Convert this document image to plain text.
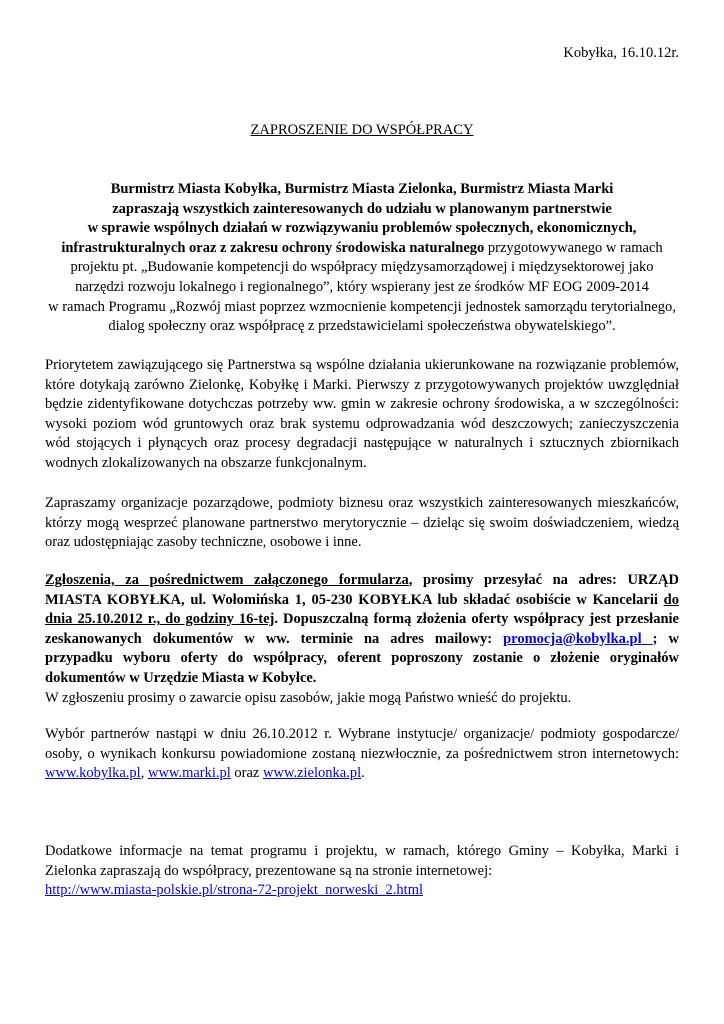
Kobyłka, 16.10.12r.
ZAPROSZENIE DO WSPÓŁPRACY
Burmistrz Miasta Kobyłka, Burmistrz Miasta Zielonka, Burmistrz Miasta Marki
zapraszają wszystkich zainteresowanych do udziału w planowanym partnerstwie
w sprawie wspólnych działań w rozwiązywaniu problemów społecznych, ekonomicznych,
infrastrukturalnych oraz z zakresu ochrony środowiska naturalnego przygotowywanego w ramach
projektu pt. „Budowanie kompetencji do współpracy międzysamorządowej i międzysektorowej jako
narzędzi rozwoju lokalnego i regionalnego”, który wspierany jest ze środków MF EOG 2009-2014
w ramach Programu „Rozwój miast poprzez wzmocnienie kompetencji jednostek samorządu terytorialnego,
dialog społeczny oraz współpracę z przedstawicielami społeczeństwa obywatelskiego”.
Priorytetem zawiązującego się Partnerstwa są wspólne działania ukierunkowane na rozwiązanie problemów,
które dotykają zarówno Zielonkę, Kobyłkę i Marki. Pierwszy z przygotowywanych projektów uwzględniał
będzie zidentyfikowane dotychczas potrzeby ww. gmin w zakresie ochrony środowiska, a w szczególności:
wysoki poziom wód gruntowych oraz brak systemu odprowadzania wód deszczowych; zanieczyszczenia
wód stojących i płynących oraz procesy degradacji następujące w naturalnych i sztucznych zbiornikach
wodnych zlokalizowanych na obszarze funkcjonalnym.
Zapraszamy organizacje pozarządowe, podmioty biznesu oraz wszystkich zainteresowanych mieszkańców,
którzy mogą wesprzeć planowane partnerstwo merytorycznie – dzieląc się swoim doświadczeniem, wiedzą
oraz udostępniając zasoby techniczne, osobowe i inne.
Zgłoszenia, za pośrednictwem załączonego formularza, prosimy przesyłać na adres: URZĄD
MIASTA KOBYŁKA, ul. Wołomińska 1, 05-230 KOBYŁKA lub składać osobiście w Kancelarii do
dnia 25.10.2012 r., do godziny 16-tej. Dopuszczalną formą złożenia oferty współpracy jest przesłanie
zeskanowanych dokumentów w ww. terminie na adres mailowy: promocja@kobylka.pl ; w
przypadku wyboru oferty do współpracy, oferent poproszony zostanie o złożenie oryginałów
dokumentów w Urzędzie Miasta w Kobyłce.
W zgłoszeniu prosimy o zawarcie opisu zasobów, jakie mogą Państwo wnieść do projektu.
Wybór partnerów nastąpi w dniu 26.10.2012 r. Wybrane instytucje/ organizacje/ podmioty gospodarcze/
osoby, o wynikach konkursu powiadomione zostaną niezwłocznie, za pośrednictwem stron internetowych:
www.kobylka.pl, www.marki.pl oraz www.zielonka.pl.
Dodatkowe informacje na temat programu i projektu, w ramach, którego Gminy – Kobyłka, Marki i
Zielonka zapraszają do współpracy, prezentowane są na stronie internetowej:
http://www.miasta-polskie.pl/strona-72-projekt_norweski_2.html
